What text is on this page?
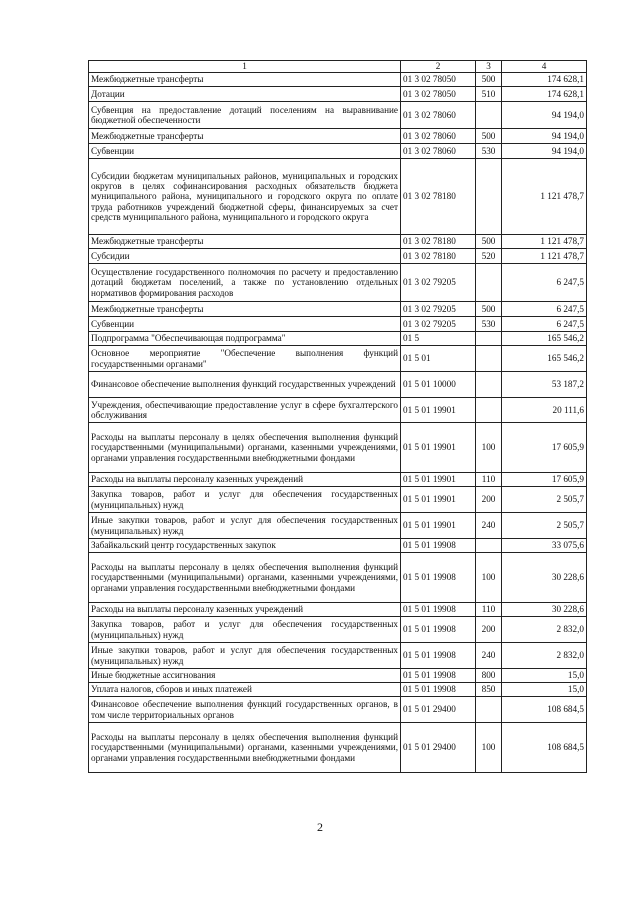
1	2	3	4
Межбюджетные трансферты	01 3 02 78050	500	174 628,1
Дотации	01 3 02 78050	510	174 628,1
Субвенция на предоставление дотаций поселениям на выравнивание бюджетной обеспеченности	01 3 02 78060		94 194,0
Межбюджетные трансферты	01 3 02 78060	500	94 194,0
Субвенции	01 3 02 78060	530	94 194,0
Субсидии бюджетам муниципальных районов, муниципальных и городских округов в целях софинансирования расходных обязательств бюджета муниципального района, муниципального и городского округа по оплате труда работников учреждений бюджетной сферы, финансируемых за счет средств муниципального района, муниципального и городского округа	01 3 02 78180		1 121 478,7
Межбюджетные трансферты	01 3 02 78180	500	1 121 478,7
Субсидии	01 3 02 78180	520	1 121 478,7
Осуществление государственного полномочия по расчету и предоставлению дотаций бюджетам поселений, а также по установлению отдельных нормативов формирования расходов	01 3 02 79205		6 247,5
Межбюджетные трансферты	01 3 02 79205	500	6 247,5
Субвенции	01 3 02 79205	530	6 247,5
Подпрограмма "Обеспечивающая подпрограмма"	01 5		165 546,2
Основное мероприятие "Обеспечение выполнения функций государственными органами"	01 5 01		165 546,2
Финансовое обеспечение выполнения функций государственных учреждений	01 5 01 10000		53 187,2
Учреждения, обеспечивающие предоставление услуг в сфере бухгалтерского обслуживания	01 5 01 19901		20 111,6
Расходы на выплаты персоналу в целях обеспечения выполнения функций государственными (муниципальными) органами, казенными учреждениями, органами управления государственными внебюджетными фондами	01 5 01 19901	100	17 605,9
Расходы на выплаты персоналу казенных учреждений	01 5 01 19901	110	17 605,9
Закупка товаров, работ и услуг для обеспечения государственных (муниципальных) нужд	01 5 01 19901	200	2 505,7
Иные закупки товаров, работ и услуг для обеспечения государственных (муниципальных) нужд	01 5 01 19901	240	2 505,7
Забайкальский центр государственных закупок	01 5 01 19908		33 075,6
Расходы на выплаты персоналу в целях обеспечения выполнения функций государственными (муниципальными) органами, казенными учреждениями, органами управления государственными внебюджетными фондами	01 5 01 19908	100	30 228,6
Расходы на выплаты персоналу казенных учреждений	01 5 01 19908	110	30 228,6
Закупка товаров, работ и услуг для обеспечения государственных (муниципальных) нужд	01 5 01 19908	200	2 832,0
Иные закупки товаров, работ и услуг для обеспечения государственных (муниципальных) нужд	01 5 01 19908	240	2 832,0
Иные бюджетные ассигнования	01 5 01 19908	800	15,0
Уплата налогов, сборов и иных платежей	01 5 01 19908	850	15,0
Финансовое обеспечение выполнения функций государственных органов, в том числе территориальных органов	01 5 01 29400		108 684,5
Расходы на выплаты персоналу в целях обеспечения выполнения функций государственными (муниципальными) органами, казенными учреждениями, органами управления государственными внебюджетными фондами	01 5 01 29400	100	108 684,5
2
